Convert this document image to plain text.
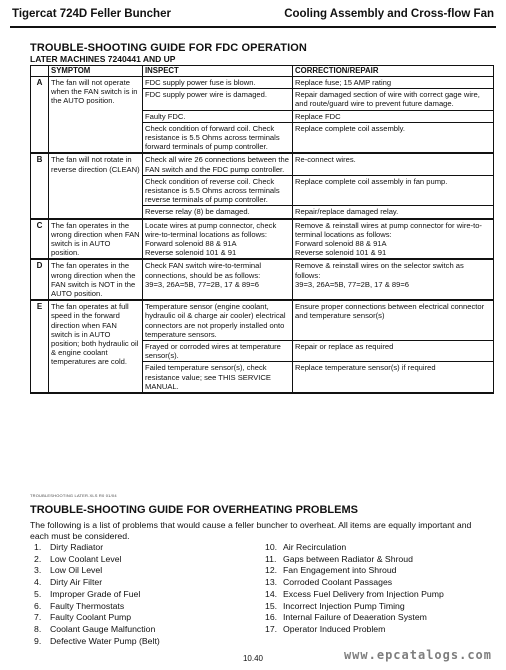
Tigercat 724D Feller Buncher	Cooling Assembly and Cross-flow Fan
TROUBLE-SHOOTING GUIDE FOR FDC OPERATION
LATER MACHINES 7240441 AND UP
	SYMPTOM	INSPECT	CORRECTION/REPAIR
A	The fan will not operate when the FAN switch is in the AUTO position.	FDC supply power fuse is blown.	Replace fuse; 15 AMP rating
		FDC supply power wire is damaged.	Repair damaged section of wire with correct gage wire, and route/guard wire to prevent future damage.
		Faulty FDC.	Replace FDC
		Check condition of forward coil. Check resistance is 5.5 Ohms across terminals forward terminals of pump controller.	Replace complete coil assembly.
B	The fan will not rotate in reverse direction (CLEAN)	Check all wire 26 connections between the FAN switch and the FDC pump controller.	Re-connect wires.
		Check condition of reverse coil. Check resistance is 5.5 Ohms across terminals reverse terminals of pump controller.	Replace complete coil assembly in fan pump.
		Reverse relay (8) be damaged.	Repair/replace damaged relay.
C	The fan operates in the wrong direction when FAN switch is in AUTO position.	Locate wires at pump connector, check wire-to-terminal locations as follows:
Forward solenoid 88 & 91A
Reverse solenoid 101 & 91	Remove & reinstall wires at pump connector for wire-to-terminal locations as follows:
Forward solenoid 88 & 91A
Reverse solenoid 101 & 91
D	The fan operates in the wrong direction when the FAN switch is NOT in the AUTO position.	Check FAN switch wire-to-terminal connections, should be as follows:
39=3, 26A=5B, 77=2B, 17 & 89=6	Remove & reinstall wires on the selector switch as follows:
39=3, 26A=5B, 77=2B, 17 & 89=6
E	The fan operates at full speed in the forward direction when FAN switch is in AUTO position; both hydraulic oil & engine coolant temperatures are cold.	Temperature sensor (engine coolant, hydraulic oil & charge air cooler) electrical connectors are not properly installed onto temperature sensors.	Ensure proper connections between electrical connector and temperature sensor(s)
		Frayed or corroded wires at temperature sensor(s).	Repair or replace as required
		Failed temperature sensor(s), check resistance value; see THIS SERVICE MANUAL.	Replace temperature sensor(s) if required
TROUBLESHOOTING LATER.XLS R0 01/04
TROUBLE-SHOOTING GUIDE FOR OVERHEATING PROBLEMS
The following is a list of problems that would cause a feller buncher to overheat. All items are equally important and each must be considered.
1. Dirty Radiator
2. Low Coolant Level
3. Low Oil Level
4. Dirty Air Filter
5. Improper Grade of Fuel
6. Faulty Thermostats
7. Faulty Coolant Pump
8. Coolant Gauge Malfunction
9. Defective Water Pump (Belt)
10. Air Recirculation
11. Gaps between Radiator & Shroud
12. Fan Engagement into Shroud
13. Corroded Coolant Passages
14. Excess Fuel Delivery from Injection Pump
15. Incorrect Injection Pump Timing
16. Internal Failure of Deaeration System
17. Operator Induced Problem
10.40	www.epcatalogs.com
